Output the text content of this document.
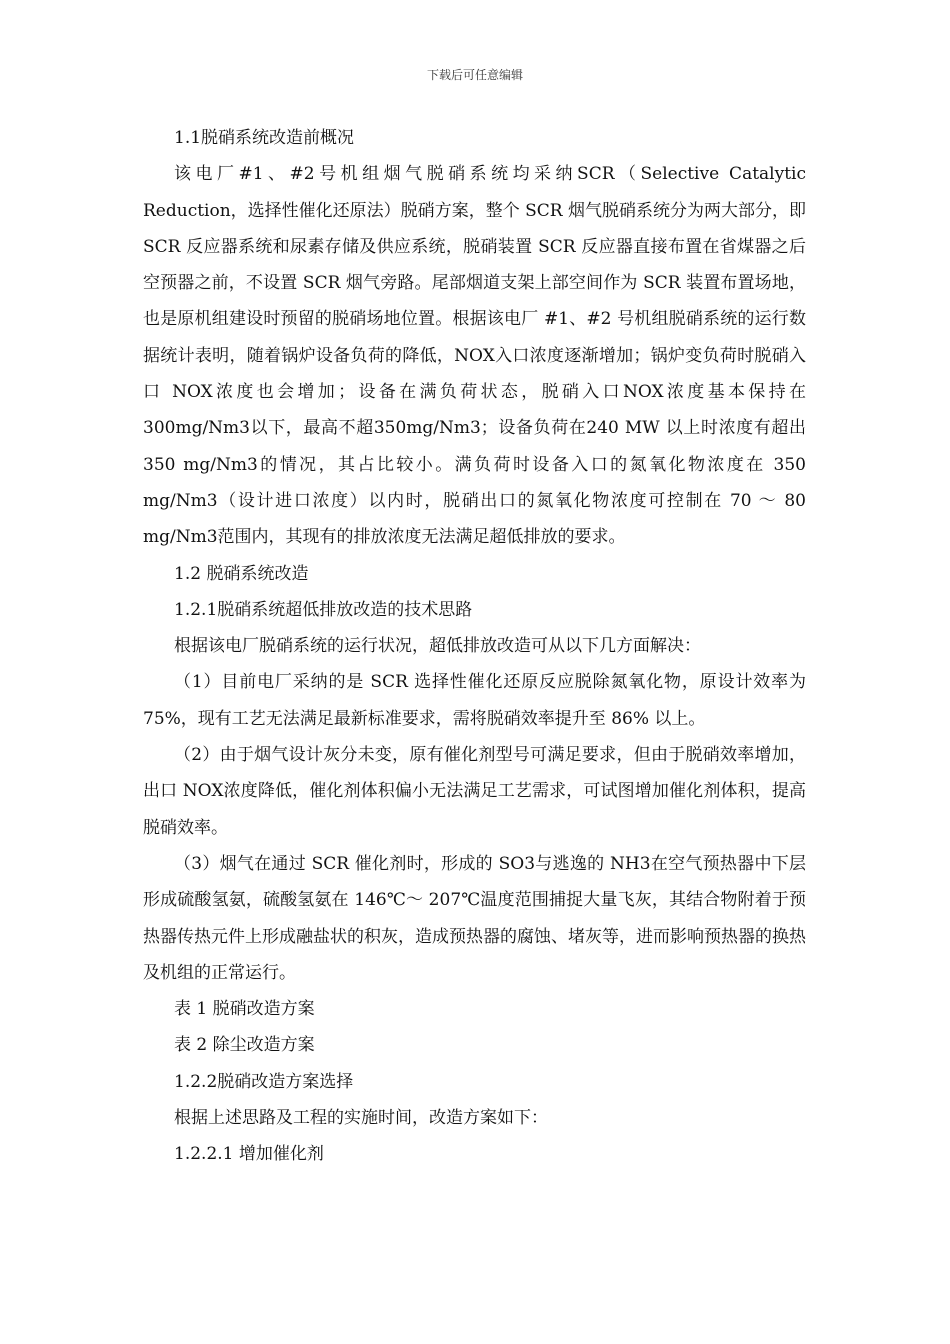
下载后可任意编辑

1.1脱硝系统改造前概况

该电厂#1、#2号机组烟气脱硝系统均采纳SCR（Selective Catalytic Reduction，选择性催化还原法）脱硝方案，整个 SCR 烟气脱硝系统分为两大部分，即 SCR 反应器系统和尿素存储及供应系统，脱硝装置 SCR 反应器直接布置在省煤器之后空预器之前，不设置 SCR 烟气旁路。尾部烟道支架上部空间作为 SCR 装置布置场地，也是原机组建设时预留的脱硝场地位置。根据该电厂 #1、#2 号机组脱硝系统的运行数据统计表明，随着锅炉设备负荷的降低，NOX入口浓度逐渐增加；锅炉变负荷时脱硝入口 NOX浓度也会增加；设备在满负荷状态，脱硝入口NOX浓度基本保持在 300mg/Nm3以下，最高不超350mg/Nm3；设备负荷在240 MW 以上时浓度有超出 350 mg/Nm3的情况，其占比较小。满负荷时设备入口的氮氧化物浓度在 350 mg/Nm3（设计进口浓度）以内时，脱硝出口的氮氧化物浓度可控制在 70 ～ 80 mg/Nm3范围内，其现有的排放浓度无法满足超低排放的要求。

1.2 脱硝系统改造

1.2.1脱硝系统超低排放改造的技术思路

根据该电厂脱硝系统的运行状况，超低排放改造可从以下几方面解决：

（1）目前电厂采纳的是 SCR 选择性催化还原反应脱除氮氧化物，原设计效率为 75%，现有工艺无法满足最新标准要求，需将脱硝效率提升至 86% 以上。

（2）由于烟气设计灰分未变，原有催化剂型号可满足要求，但由于脱硝效率增加，出口 NOX浓度降低，催化剂体积偏小无法满足工艺需求，可试图增加催化剂体积，提高脱硝效率。

（3）烟气在通过 SCR 催化剂时，形成的 SO3与逃逸的 NH3在空气预热器中下层形成硫酸氢氨，硫酸氢氨在 146℃～ 207℃温度范围捕捉大量飞灰，其结合物附着于预热器传热元件上形成融盐状的积灰，造成预热器的腐蚀、堵灰等，进而影响预热器的换热及机组的正常运行。

表 1 脱硝改造方案

表 2 除尘改造方案

1.2.2脱硝改造方案选择

根据上述思路及工程的实施时间，改造方案如下：

1.2.2.1 增加催化剂
